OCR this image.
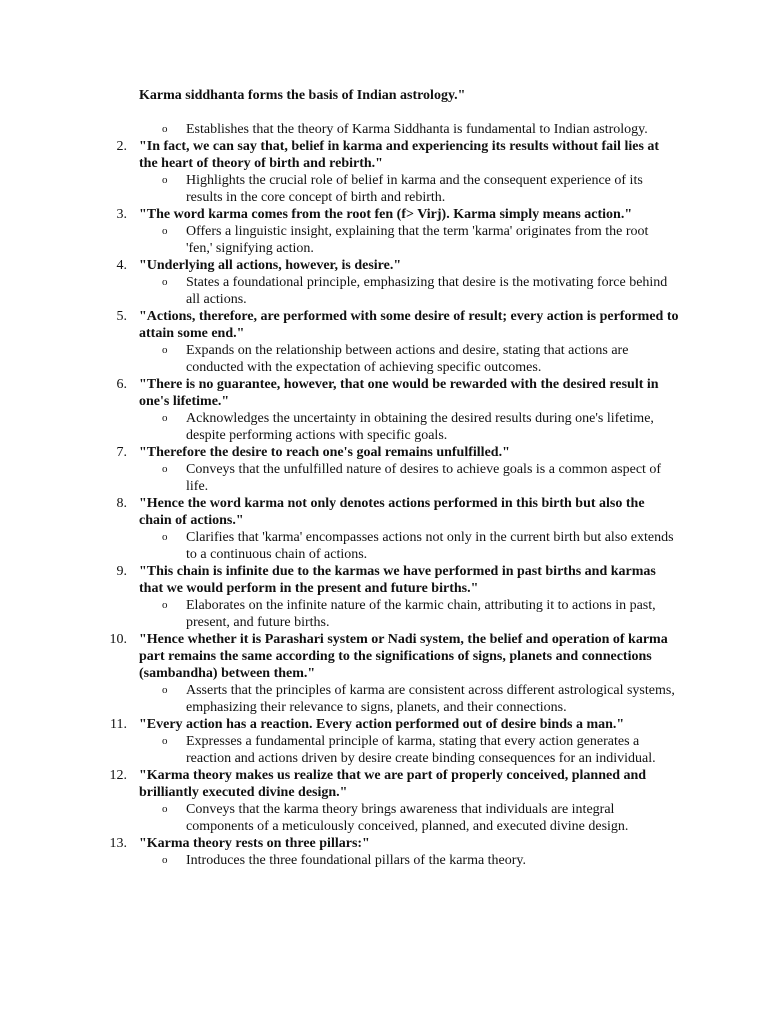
Karma siddhanta forms the basis of Indian astrology."
o Establishes that the theory of Karma Siddhanta is fundamental to Indian astrology.
2. "In fact, we can say that, belief in karma and experiencing its results without fail lies at the heart of theory of birth and rebirth."
o Highlights the crucial role of belief in karma and the consequent experience of its results in the core concept of birth and rebirth.
3. "The word karma comes from the root fen (f> Virj). Karma simply means action."
o Offers a linguistic insight, explaining that the term 'karma' originates from the root 'fen,' signifying action.
4. "Underlying all actions, however, is desire."
o States a foundational principle, emphasizing that desire is the motivating force behind all actions.
5. "Actions, therefore, are performed with some desire of result; every action is performed to attain some end."
o Expands on the relationship between actions and desire, stating that actions are conducted with the expectation of achieving specific outcomes.
6. "There is no guarantee, however, that one would be rewarded with the desired result in one's lifetime."
o Acknowledges the uncertainty in obtaining the desired results during one's lifetime, despite performing actions with specific goals.
7. "Therefore the desire to reach one's goal remains unfulfilled."
o Conveys that the unfulfilled nature of desires to achieve goals is a common aspect of life.
8. "Hence the word karma not only denotes actions performed in this birth but also the chain of actions."
o Clarifies that 'karma' encompasses actions not only in the current birth but also extends to a continuous chain of actions.
9. "This chain is infinite due to the karmas we have performed in past births and karmas that we would perform in the present and future births."
o Elaborates on the infinite nature of the karmic chain, attributing it to actions in past, present, and future births.
10. "Hence whether it is Parashari system or Nadi system, the belief and operation of karma part remains the same according to the significations of signs, planets and connections (sambandha) between them."
o Asserts that the principles of karma are consistent across different astrological systems, emphasizing their relevance to signs, planets, and their connections.
11. "Every action has a reaction. Every action performed out of desire binds a man."
o Expresses a fundamental principle of karma, stating that every action generates a reaction and actions driven by desire create binding consequences for an individual.
12. "Karma theory makes us realize that we are part of properly conceived, planned and brilliantly executed divine design."
o Conveys that the karma theory brings awareness that individuals are integral components of a meticulously conceived, planned, and executed divine design.
13. "Karma theory rests on three pillars:"
o Introduces the three foundational pillars of the karma theory.
